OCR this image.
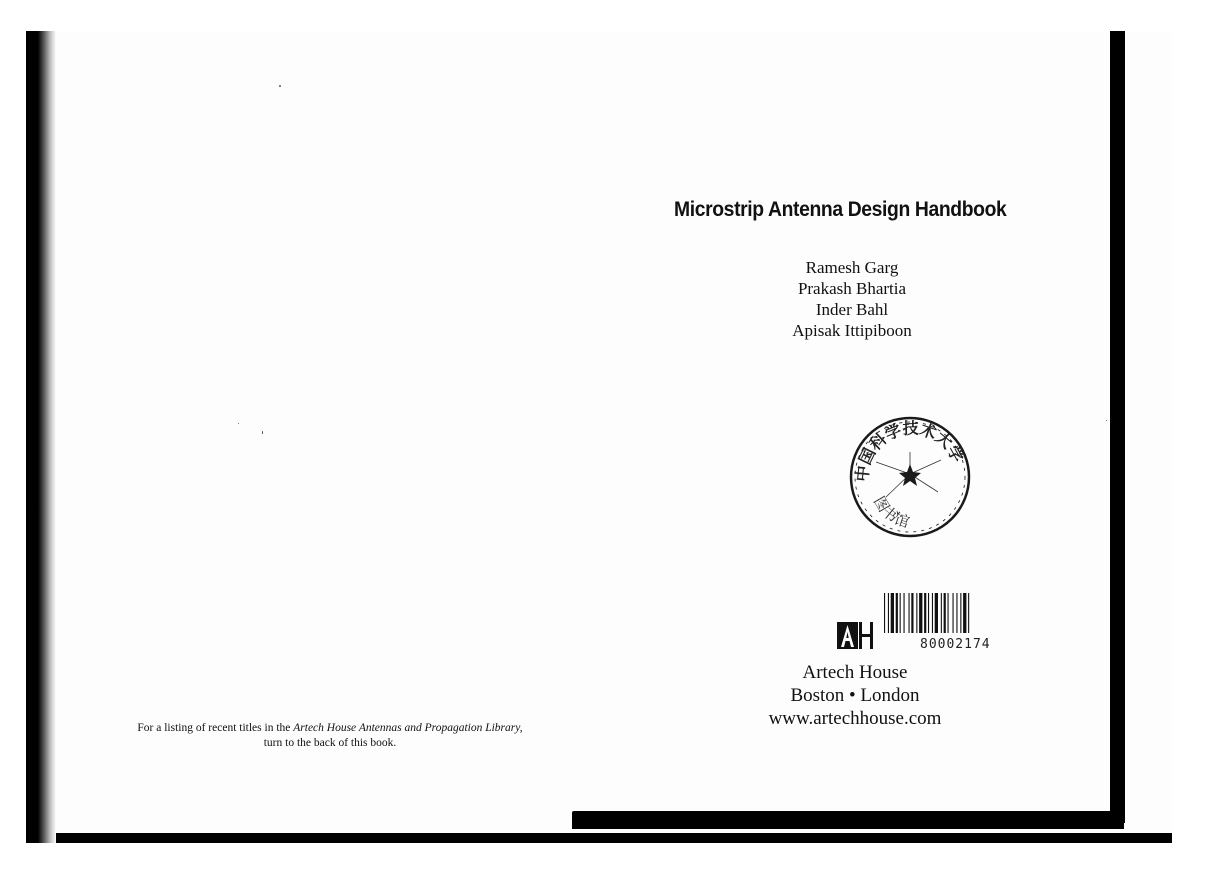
Microstrip Antenna Design Handbook
Ramesh Garg
Prakash Bhartia
Inder Bahl
Apisak Ittipiboon
中国科学技术大学
图书馆
80002174
Artech House
Boston • London
www.artechhouse.com
For a listing of recent titles in the Artech House Antennas and Propagation Library,
turn to the back of this book.
